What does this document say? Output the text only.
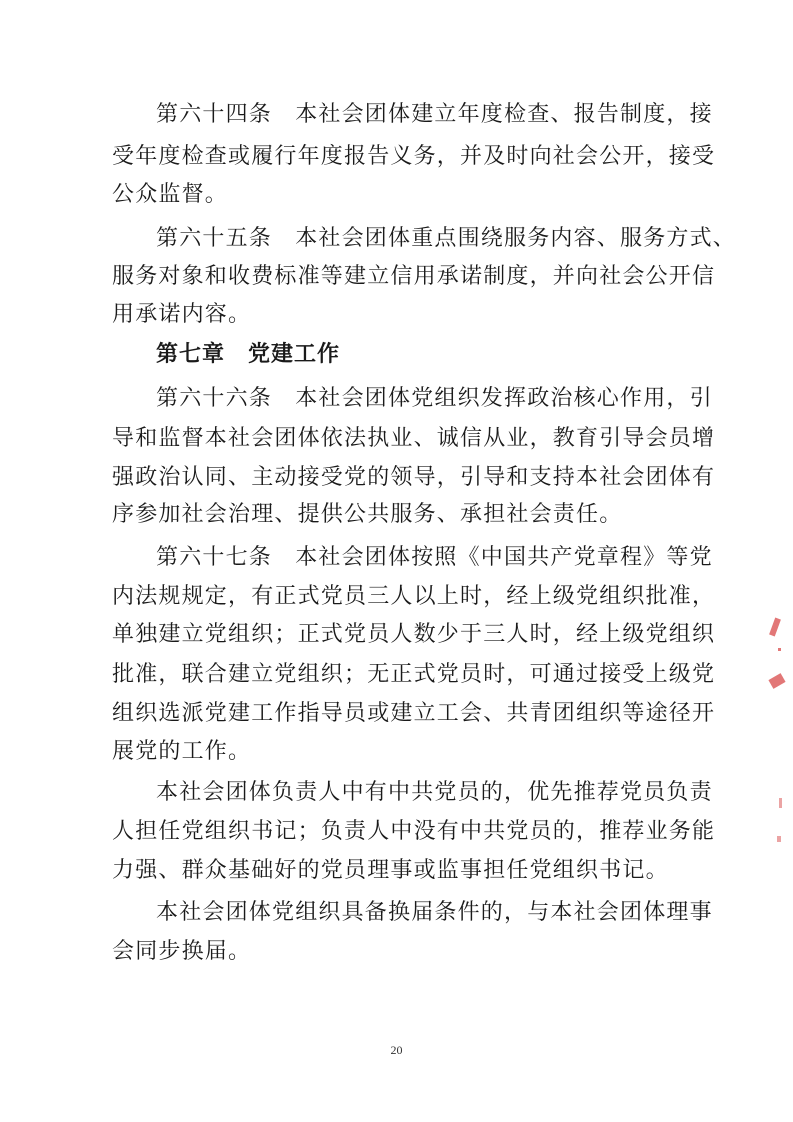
第六十四条　本社会团体建立年度检查、报告制度，接
受年度检查或履行年度报告义务，并及时向社会公开，接受
公众监督。
第六十五条　本社会团体重点围绕服务内容、服务方式、
服务对象和收费标准等建立信用承诺制度，并向社会公开信
用承诺内容。
第七章　党建工作
第六十六条　本社会团体党组织发挥政治核心作用，引
导和监督本社会团体依法执业、诚信从业，教育引导会员增
强政治认同、主动接受党的领导，引导和支持本社会团体有
序参加社会治理、提供公共服务、承担社会责任。
第六十七条　本社会团体按照《中国共产党章程》等党
内法规规定，有正式党员三人以上时，经上级党组织批准，
单独建立党组织；正式党员人数少于三人时，经上级党组织
批准，联合建立党组织；无正式党员时，可通过接受上级党
组织选派党建工作指导员或建立工会、共青团组织等途径开
展党的工作。
本社会团体负责人中有中共党员的，优先推荐党员负责
人担任党组织书记；负责人中没有中共党员的，推荐业务能
力强、群众基础好的党员理事或监事担任党组织书记。
本社会团体党组织具备换届条件的，与本社会团体理事
会同步换届。
20
